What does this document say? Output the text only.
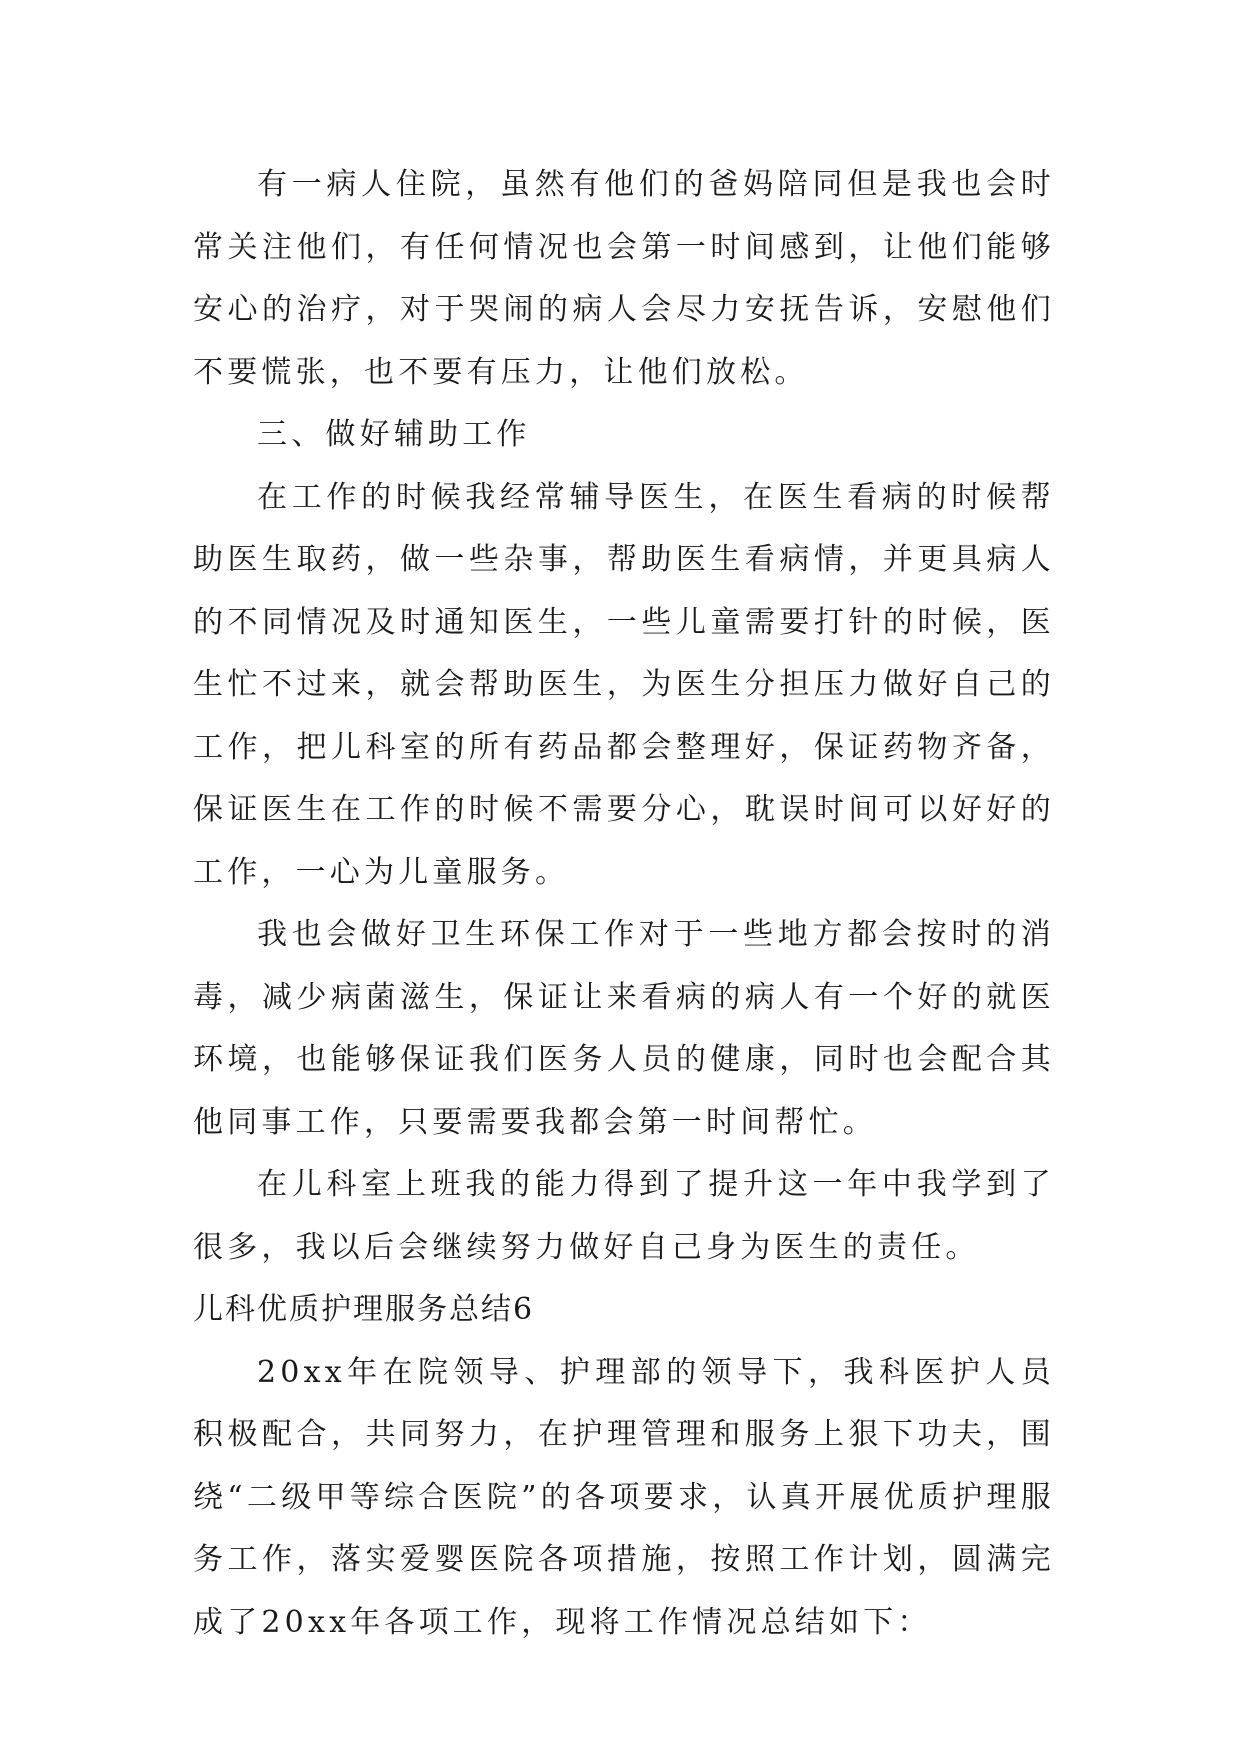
有一病人住院，虽然有他们的爸妈陪同但是我也会时常关注他们，有任何情况也会第一时间感到，让他们能够安心的治疗，对于哭闹的病人会尽力安抚告诉，安慰他们不要慌张，也不要有压力，让他们放松。

三、做好辅助工作

在工作的时候我经常辅导医生，在医生看病的时候帮助医生取药，做一些杂事，帮助医生看病情，并更具病人的不同情况及时通知医生，一些儿童需要打针的时候，医生忙不过来，就会帮助医生，为医生分担压力做好自己的工作，把儿科室的所有药品都会整理好，保证药物齐备，保证医生在工作的时候不需要分心，耽误时间可以好好的工作，一心为儿童服务。

我也会做好卫生环保工作对于一些地方都会按时的消毒，减少病菌滋生，保证让来看病的病人有一个好的就医环境，也能够保证我们医务人员的健康，同时也会配合其他同事工作，只要需要我都会第一时间帮忙。

在儿科室上班我的能力得到了提升这一年中我学到了很多，我以后会继续努力做好自己身为医生的责任。

儿科优质护理服务总结6

20xx年在院领导、护理部的领导下，我科医护人员积极配合，共同努力，在护理管理和服务上狠下功夫，围绕“二级甲等综合医院”的各项要求，认真开展优质护理服务工作，落实爱婴医院各项措施，按照工作计划，圆满完成了20xx年各项工作，现将工作情况总结如下：
